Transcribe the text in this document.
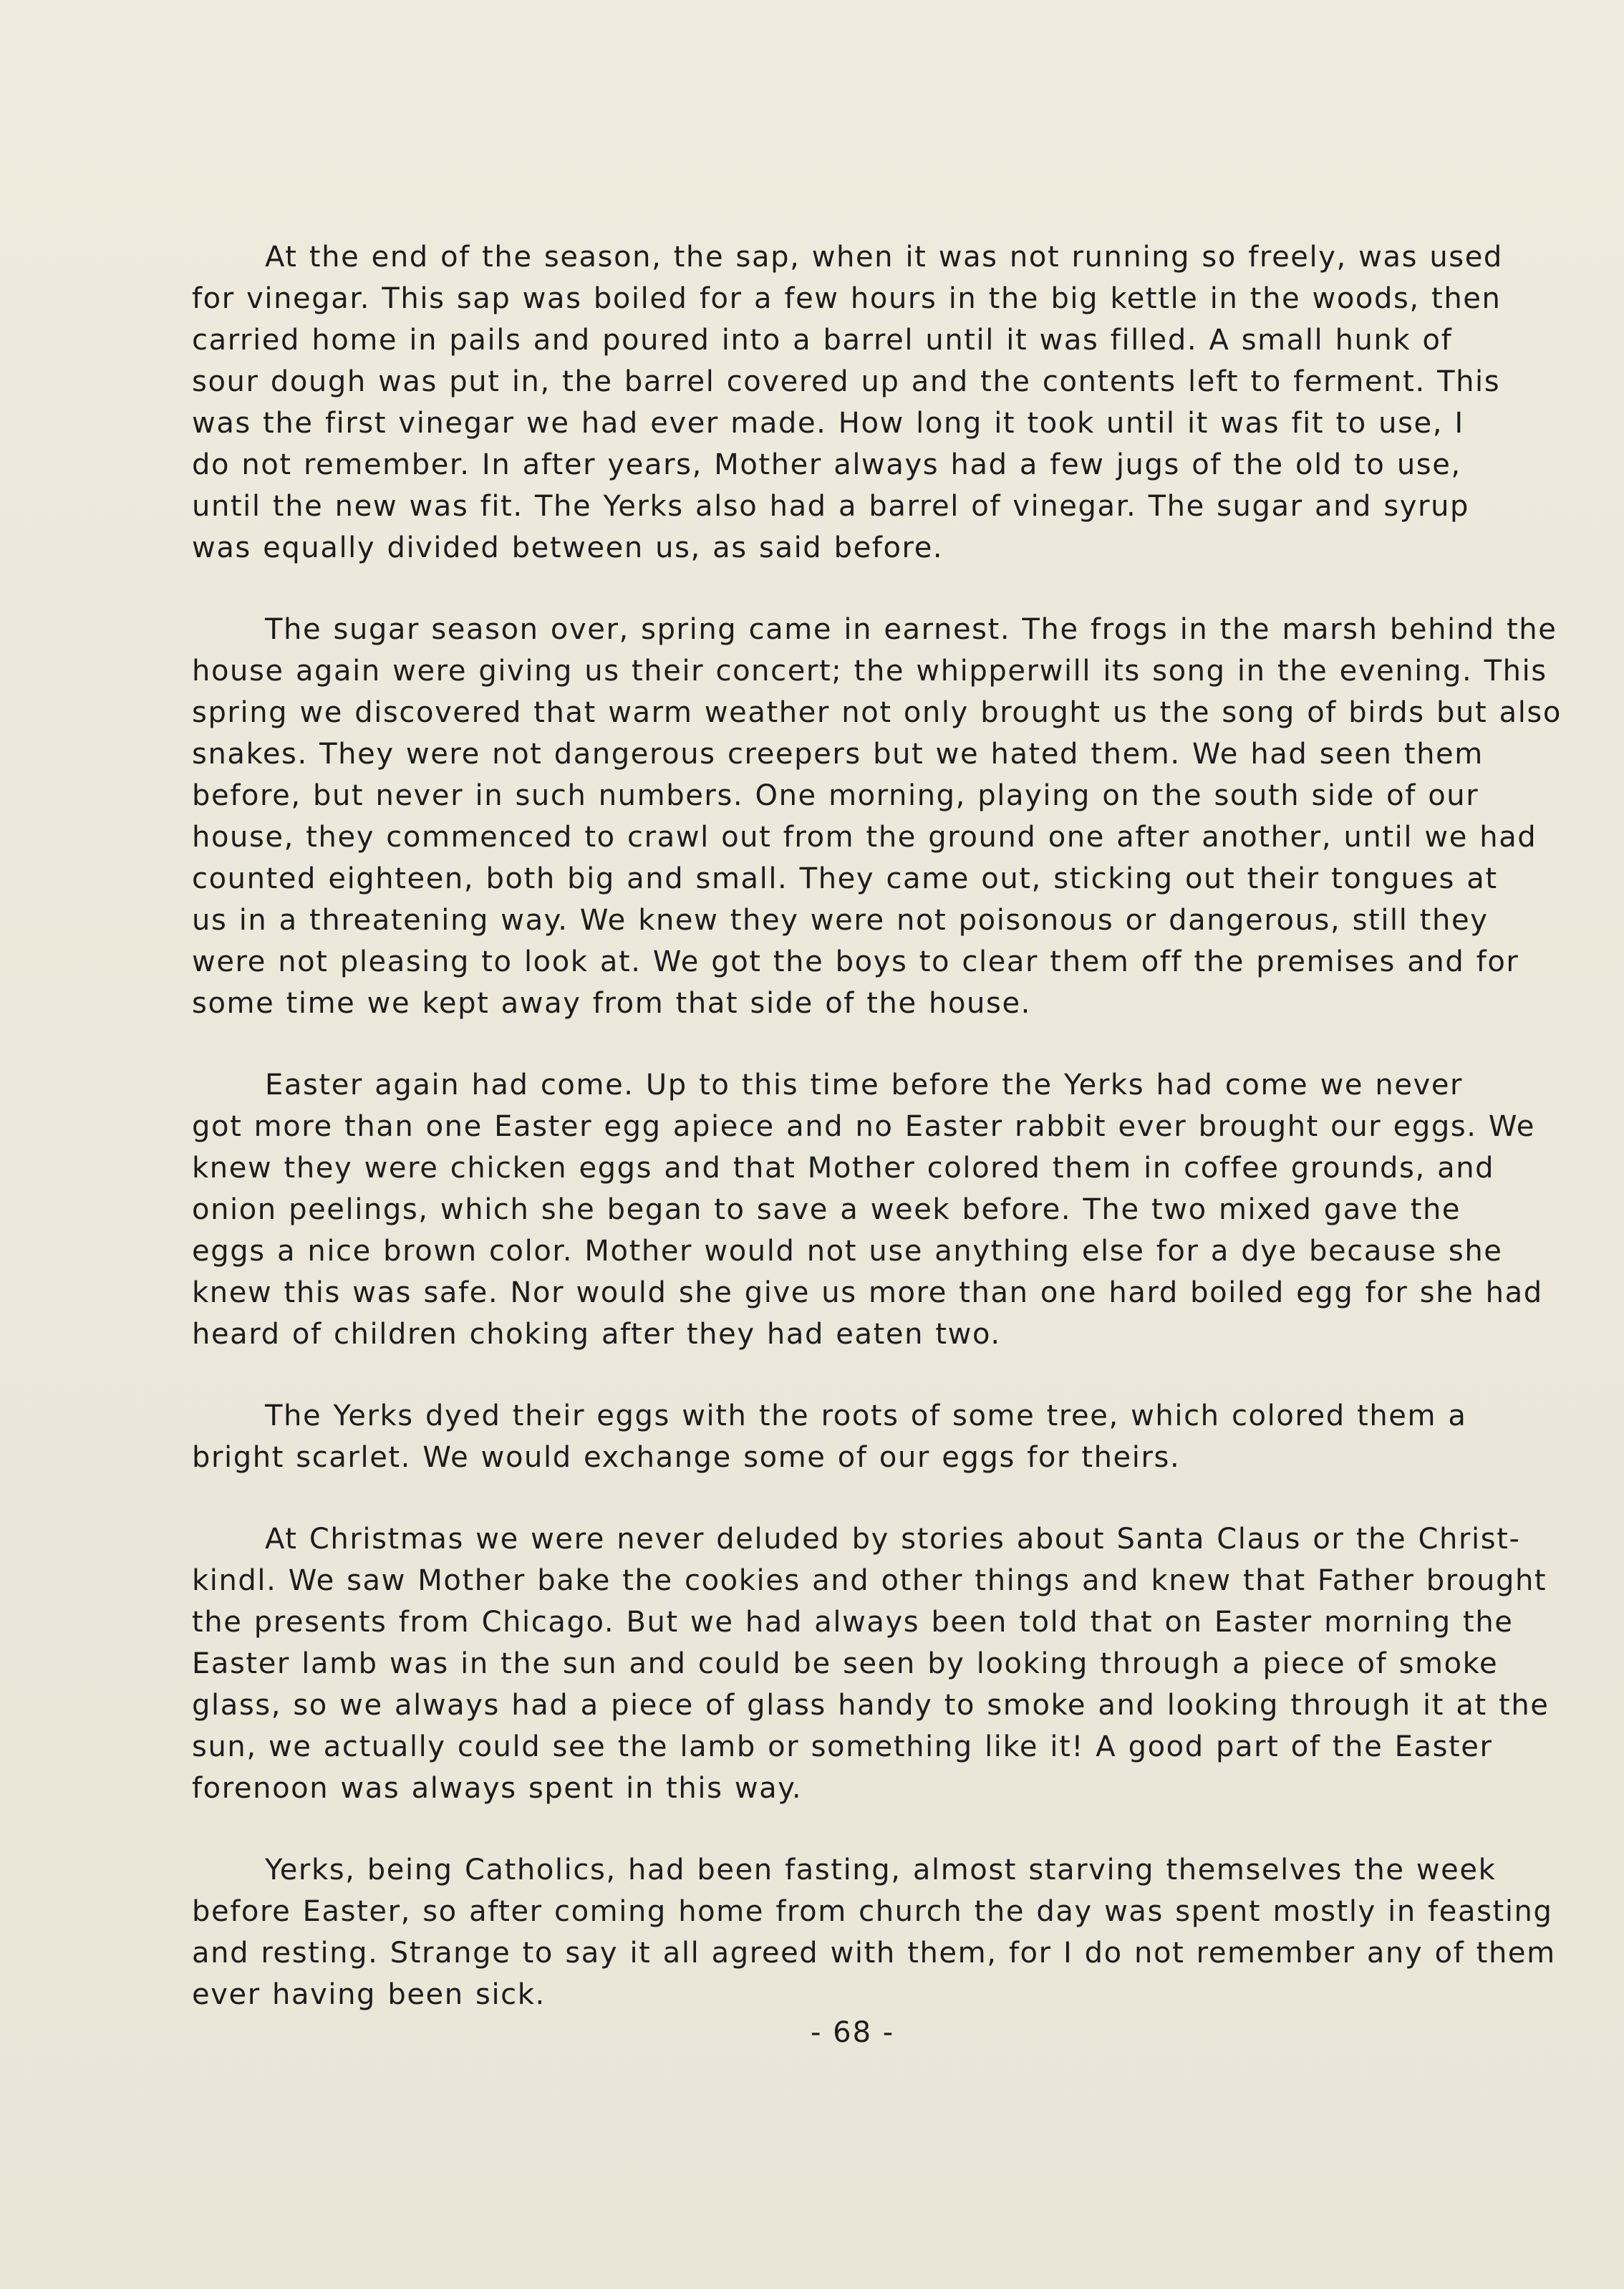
At the end of the season, the sap, when it was not running so freely, was used
for vinegar. This sap was boiled for a few hours in the big kettle in the woods, then
carried home in pails and poured into a barrel until it was filled. A small hunk of
sour dough was put in, the barrel covered up and the contents left to ferment. This
was the first vinegar we had ever made. How long it took until it was fit to use, I
do not remember. In after years, Mother always had a few jugs of the old to use,
until the new was fit. The Yerks also had a barrel of vinegar. The sugar and syrup
was equally divided between us, as said before.

The sugar season over, spring came in earnest. The frogs in the marsh behind the
house again were giving us their concert; the whipperwill its song in the evening. This
spring we discovered that warm weather not only brought us the song of birds but also
snakes. They were not dangerous creepers but we hated them. We had seen them
before, but never in such numbers. One morning, playing on the south side of our
house, they commenced to crawl out from the ground one after another, until we had
counted eighteen, both big and small. They came out, sticking out their tongues at
us in a threatening way. We knew they were not poisonous or dangerous, still they
were not pleasing to look at. We got the boys to clear them off the premises and for
some time we kept away from that side of the house.

Easter again had come. Up to this time before the Yerks had come we never
got more than one Easter egg apiece and no Easter rabbit ever brought our eggs. We
knew they were chicken eggs and that Mother colored them in coffee grounds, and
onion peelings, which she began to save a week before. The two mixed gave the
eggs a nice brown color. Mother would not use anything else for a dye because she
knew this was safe. Nor would she give us more than one hard boiled egg for she had
heard of children choking after they had eaten two.

The Yerks dyed their eggs with the roots of some tree, which colored them a
bright scarlet. We would exchange some of our eggs for theirs.

At Christmas we were never deluded by stories about Santa Claus or the Christ-
kindl. We saw Mother bake the cookies and other things and knew that Father brought
the presents from Chicago. But we had always been told that on Easter morning the
Easter lamb was in the sun and could be seen by looking through a piece of smoke
glass, so we always had a piece of glass handy to smoke and looking through it at the
sun, we actually could see the lamb or something like it! A good part of the Easter
forenoon was always spent in this way.

Yerks, being Catholics, had been fasting, almost starving themselves the week
before Easter, so after coming home from church the day was spent mostly in feasting
and resting. Strange to say it all agreed with them, for I do not remember any of them
ever having been sick.

- 68 -
